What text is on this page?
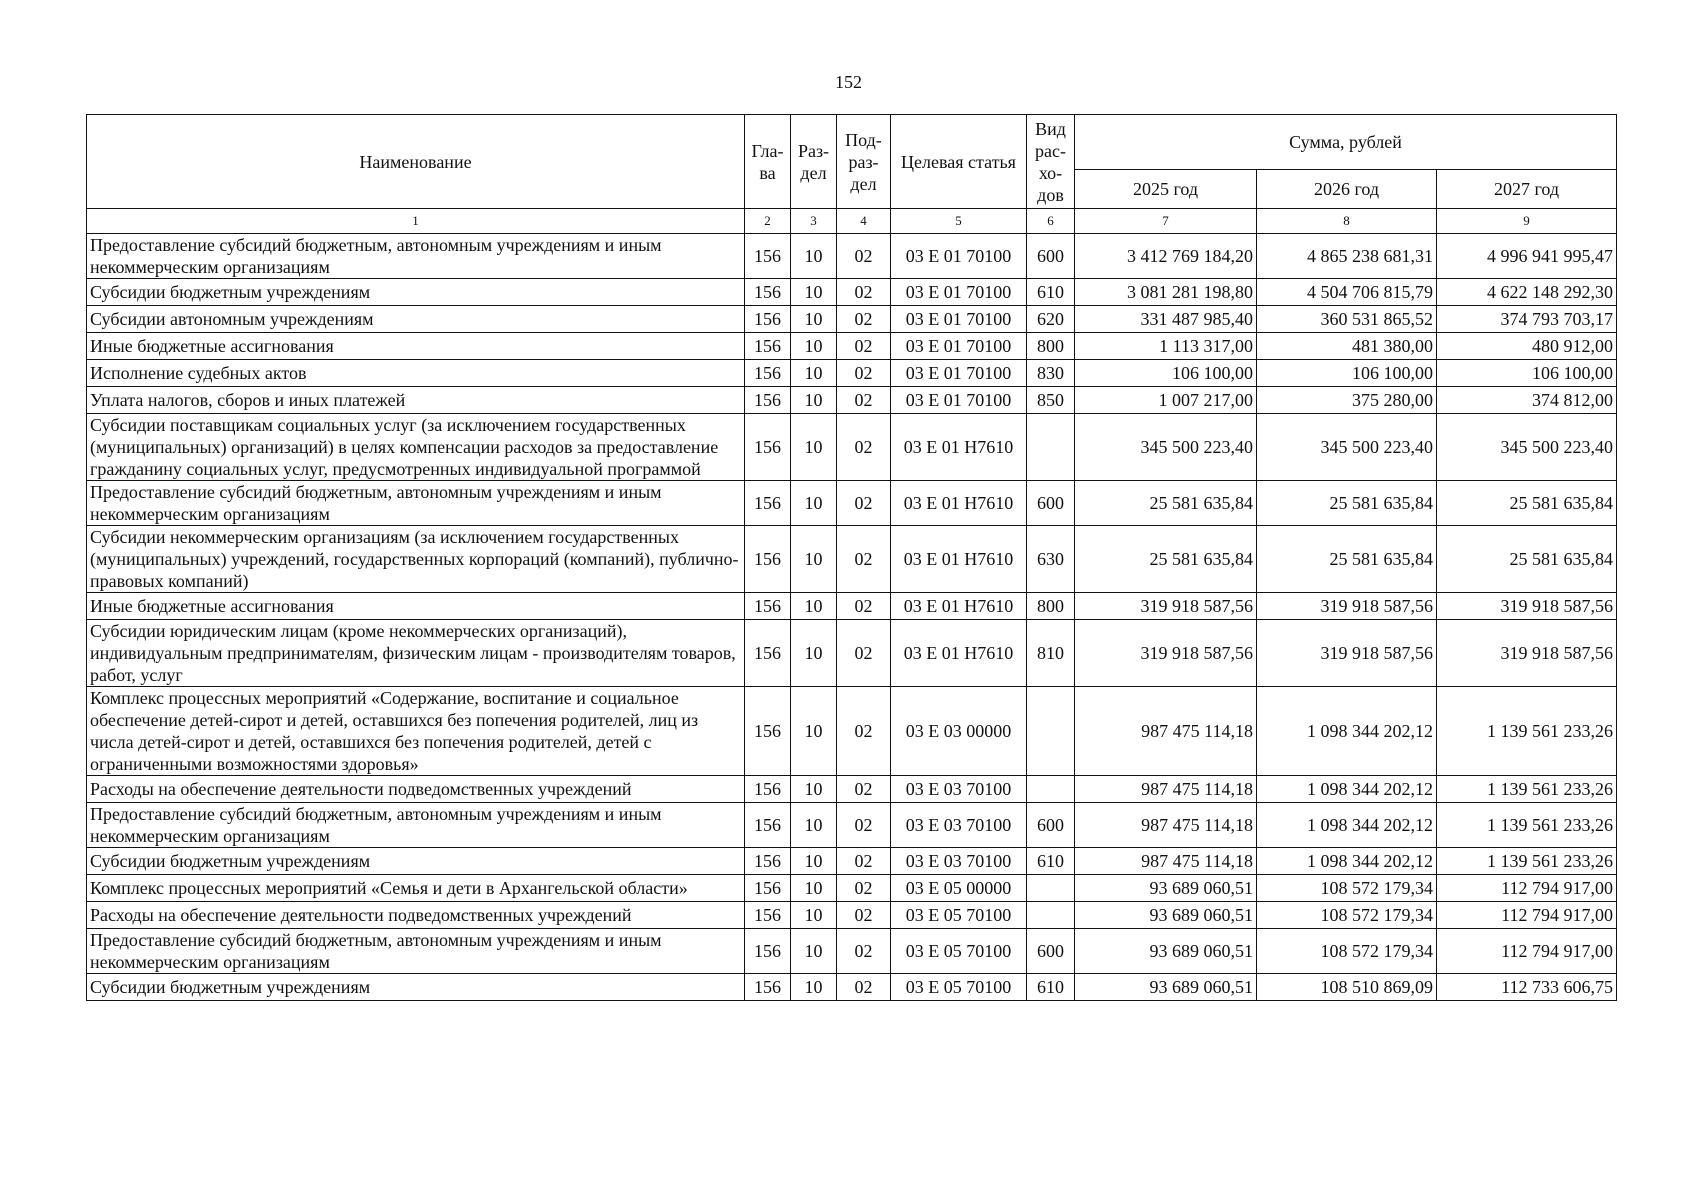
152
Наименование	Гла-ва	Раз-дел	Под-раз-дел	Целевая статья	Вид рас-хо-дов	Сумма, рублей		
						2025 год	2026 год	2027 год
1	2	3	4	5	6	7	8	9
Предоставление субсидий бюджетным, автономным учреждениям и иным некоммерческим организациям	156	10	02	03 Е 01 70100	600	3 412 769 184,20	4 865 238 681,31	4 996 941 995,47
Субсидии бюджетным учреждениям	156	10	02	03 Е 01 70100	610	3 081 281 198,80	4 504 706 815,79	4 622 148 292,30
Субсидии автономным учреждениям	156	10	02	03 Е 01 70100	620	331 487 985,40	360 531 865,52	374 793 703,17
Иные бюджетные ассигнования	156	10	02	03 Е 01 70100	800	1 113 317,00	481 380,00	480 912,00
Исполнение судебных актов	156	10	02	03 Е 01 70100	830	106 100,00	106 100,00	106 100,00
Уплата налогов, сборов и иных платежей	156	10	02	03 Е 01 70100	850	1 007 217,00	375 280,00	374 812,00
Субсидии поставщикам социальных услуг (за исключением государственных (муниципальных) организаций) в целях компенсации расходов за предоставление гражданину социальных услуг, предусмотренных индивидуальной программой	156	10	02	03 Е 01 Н7610		345 500 223,40	345 500 223,40	345 500 223,40
Предоставление субсидий бюджетным, автономным учреждениям и иным некоммерческим организациям	156	10	02	03 Е 01 Н7610	600	25 581 635,84	25 581 635,84	25 581 635,84
Субсидии некоммерческим организациям (за исключением государственных (муниципальных) учреждений, государственных корпораций (компаний), публично-правовых компаний)	156	10	02	03 Е 01 Н7610	630	25 581 635,84	25 581 635,84	25 581 635,84
Иные бюджетные ассигнования	156	10	02	03 Е 01 Н7610	800	319 918 587,56	319 918 587,56	319 918 587,56
Субсидии юридическим лицам (кроме некоммерческих организаций), индивидуальным предпринимателям, физическим лицам - производителям товаров, работ, услуг	156	10	02	03 Е 01 Н7610	810	319 918 587,56	319 918 587,56	319 918 587,56
Комплекс процессных мероприятий «Содержание, воспитание и социальное обеспечение детей-сирот и детей, оставшихся без попечения родителей, лиц из числа детей-сирот и детей, оставшихся без попечения родителей, детей с ограниченными возможностями здоровья»	156	10	02	03 Е 03 00000		987 475 114,18	1 098 344 202,12	1 139 561 233,26
Расходы на обеспечение деятельности подведомственных учреждений	156	10	02	03 Е 03 70100		987 475 114,18	1 098 344 202,12	1 139 561 233,26
Предоставление субсидий бюджетным, автономным учреждениям и иным некоммерческим организациям	156	10	02	03 Е 03 70100	600	987 475 114,18	1 098 344 202,12	1 139 561 233,26
Субсидии бюджетным учреждениям	156	10	02	03 Е 03 70100	610	987 475 114,18	1 098 344 202,12	1 139 561 233,26
Комплекс процессных мероприятий «Семья и дети в Архангельской области»	156	10	02	03 Е 05 00000		93 689 060,51	108 572 179,34	112 794 917,00
Расходы на обеспечение деятельности подведомственных учреждений	156	10	02	03 Е 05 70100		93 689 060,51	108 572 179,34	112 794 917,00
Предоставление субсидий бюджетным, автономным учреждениям и иным некоммерческим организациям	156	10	02	03 Е 05 70100	600	93 689 060,51	108 572 179,34	112 794 917,00
Субсидии бюджетным учреждениям	156	10	02	03 Е 05 70100	610	93 689 060,51	108 510 869,09	112 733 606,75
